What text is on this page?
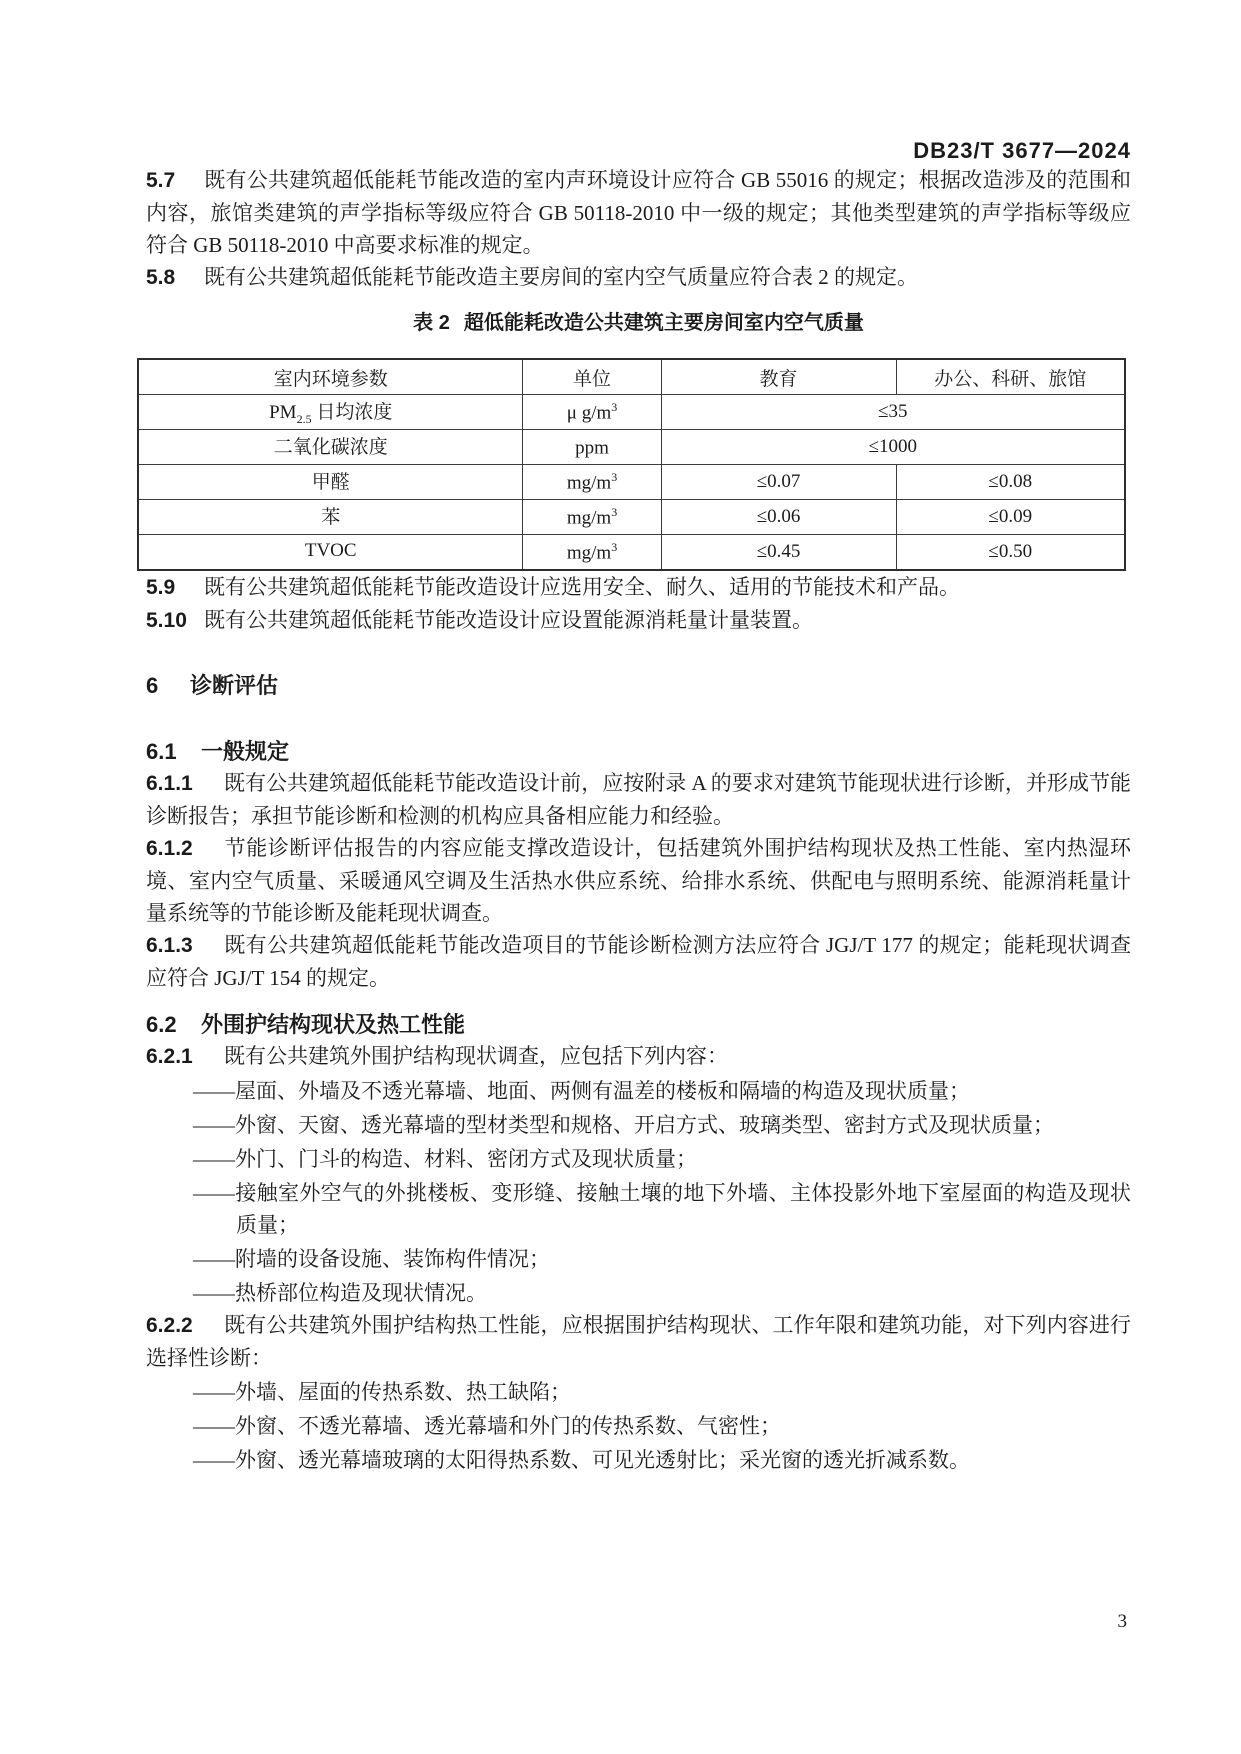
DB23/T 3677—2024

5.7 既有公共建筑超低能耗节能改造的室内声环境设计应符合 GB 55016 的规定；根据改造涉及的范围和内容，旅馆类建筑的声学指标等级应符合 GB 50118-2010 中一级的规定；其他类型建筑的声学指标等级应符合 GB 50118-2010 中高要求标准的规定。

5.8 既有公共建筑超低能耗节能改造主要房间的室内空气质量应符合表 2 的规定。

表 2 超低能耗改造公共建筑主要房间室内空气质量
室内环境参数	单位	教育	办公、科研、旅馆
$PM_{2.5}$ 日均浓度	μ $g/m^3$	≤35	
二氧化碳浓度	ppm	≤1000	
甲醛	$mg/m^3$	≤0.07	≤0.08
苯	$mg/m^3$	≤0.06	≤0.09
TVOC	$mg/m^3$	≤0.45	≤0.50

5.9 既有公共建筑超低能耗节能改造设计应选用安全、耐久、适用的节能技术和产品。

5.10 既有公共建筑超低能耗节能改造设计应设置能源消耗量计量装置。

6 诊断评估
6.1 一般规定

6.1.1 既有公共建筑超低能耗节能改造设计前，应按附录 A 的要求对建筑节能现状进行诊断，并形成节能诊断报告；承担节能诊断和检测的机构应具备相应能力和经验。

6.1.2 节能诊断评估报告的内容应能支撑改造设计，包括建筑外围护结构现状及热工性能、室内热湿环境、室内空气质量、采暖通风空调及生活热水供应系统、给排水系统、供配电与照明系统、能源消耗量计量系统等的节能诊断及能耗现状调查。

6.1.3 既有公共建筑超低能耗节能改造项目的节能诊断检测方法应符合 JGJ/T 177 的规定；能耗现状调查应符合 JGJ/T 154 的规定。

6.2 外围护结构现状及热工性能

6.2.1 既有公共建筑外围护结构现状调查，应包括下列内容：

——屋面、外墙及不透光幕墙、地面、两侧有温差的楼板和隔墙的构造及现状质量；
——外窗、天窗、透光幕墙的型材类型和规格、开启方式、玻璃类型、密封方式及现状质量；
——外门、门斗的构造、材料、密闭方式及现状质量；
——接触室外空气的外挑楼板、变形缝、接触土壤的地下外墙、主体投影外地下室屋面的构造及现状质量；
——附墙的设备设施、装饰构件情况；
——热桥部位构造及现状情况。

6.2.2 既有公共建筑外围护结构热工性能，应根据围护结构现状、工作年限和建筑功能，对下列内容进行选择性诊断：

——外墙、屋面的传热系数、热工缺陷；
——外窗、不透光幕墙、透光幕墙和外门的传热系数、气密性；
——外窗、透光幕墙玻璃的太阳得热系数、可见光透射比；采光窗的透光折减系数。
3
